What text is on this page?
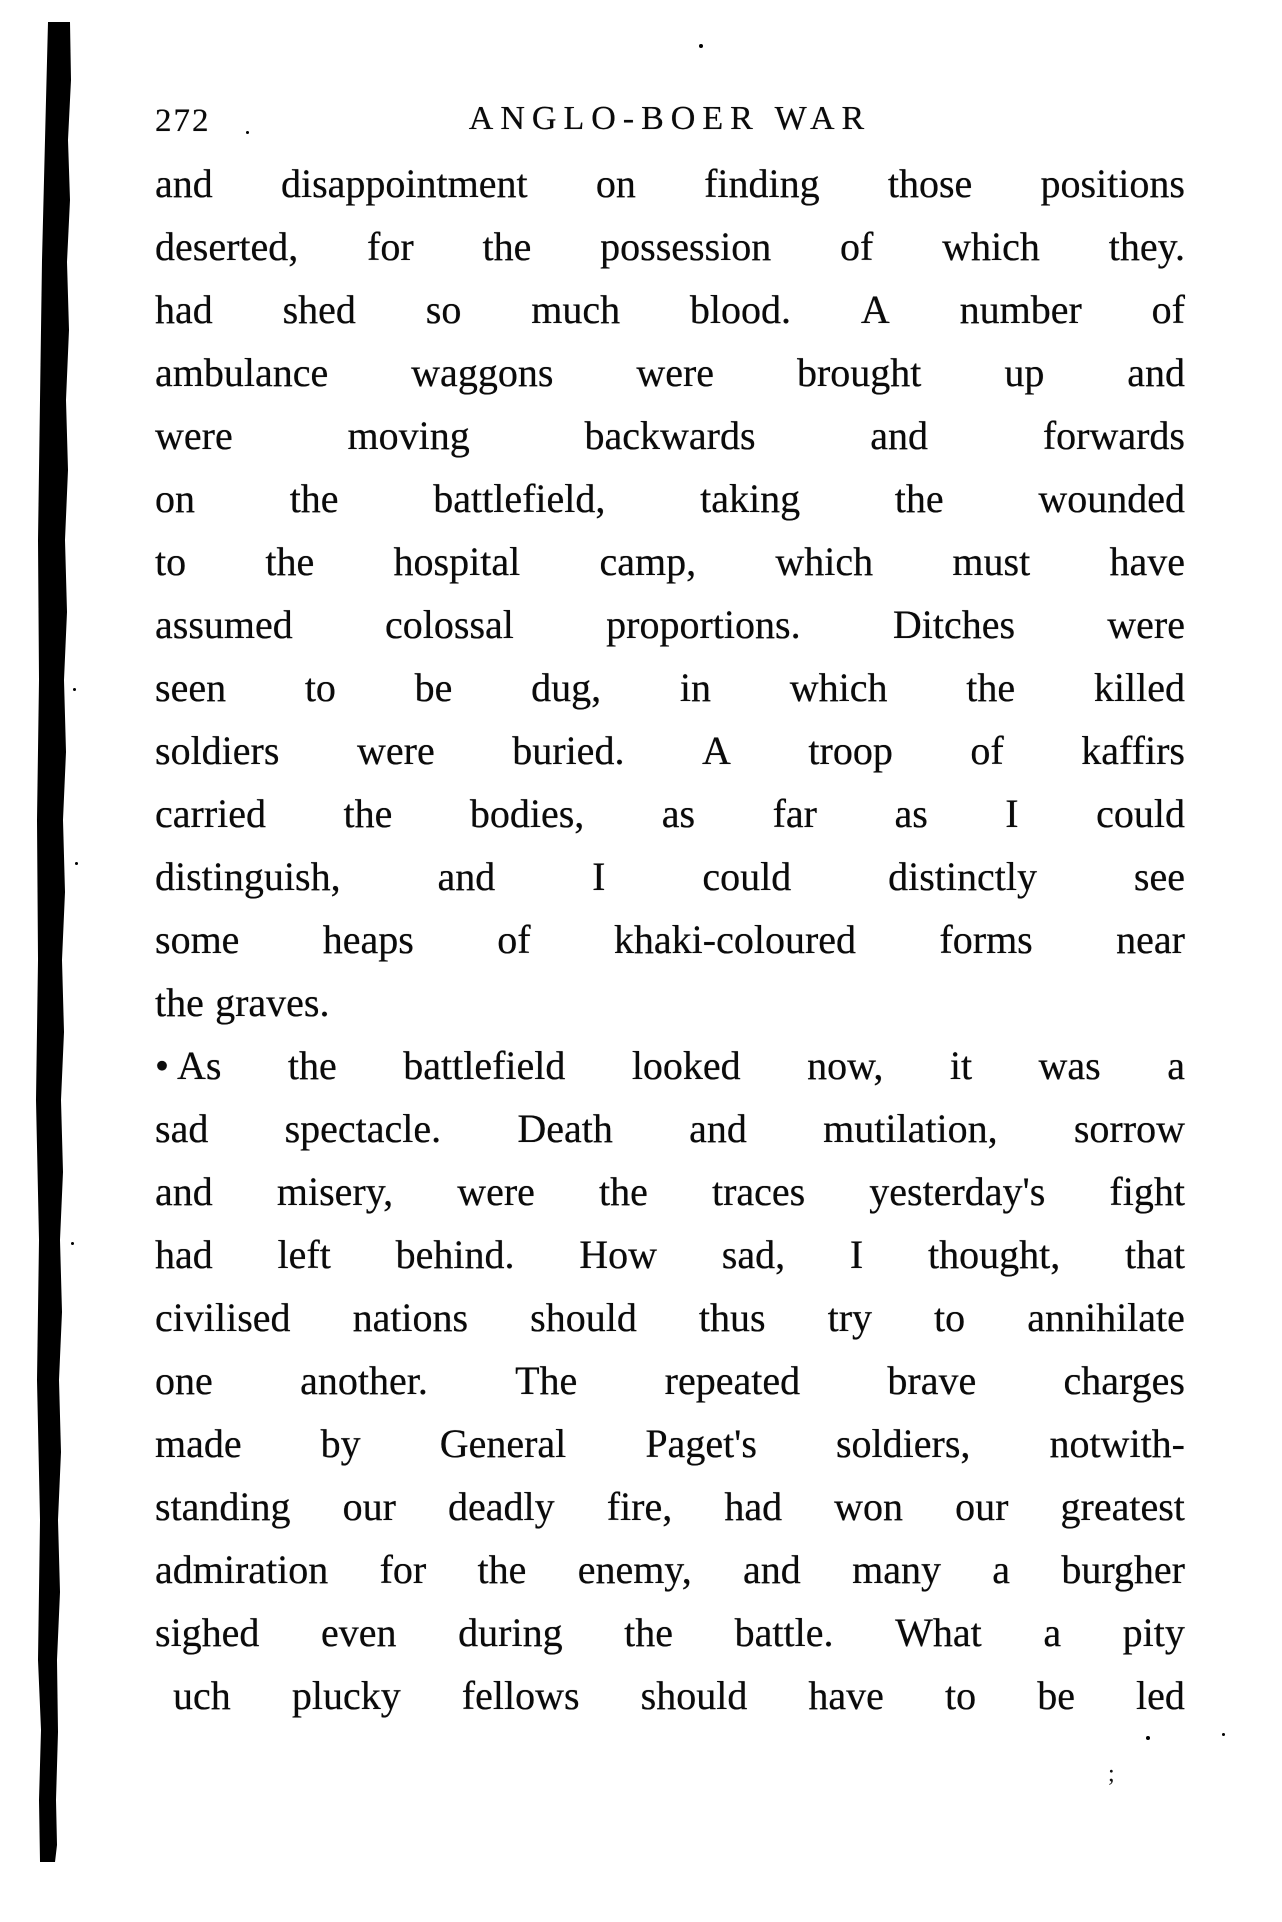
272	ANGLO-BOER WAR
and disappointment on finding those positions
deserted, for the possession of which they.
had shed so much blood. A number of
ambulance waggons were brought up and
were	moving	backwards	and	forwards
on the battlefield, taking the wounded
to the hospital camp, which must have
assumed colossal proportions. Ditches were
seen to be dug, in which the killed
soldiers were buried. A troop of kaffirs
carried the bodies, as far as I could
distinguish, and I could distinctly see
some heaps of khaki-coloured forms near
the graves.
• As the battlefield looked now, it was a
sad spectacle. Death and mutilation, sorrow
and misery, were the traces yesterday's fight
had left behind. How sad, I thought, that
civilised nations should thus try to annihilate
one another. The repeated brave charges
made by General Paget's soldiers, notwith-
standing our deadly fire, had won our greatest
admiration for the enemy, and many a burgher
sighed even during the battle. What a pity
uch plucky fellows should have to be led
;
